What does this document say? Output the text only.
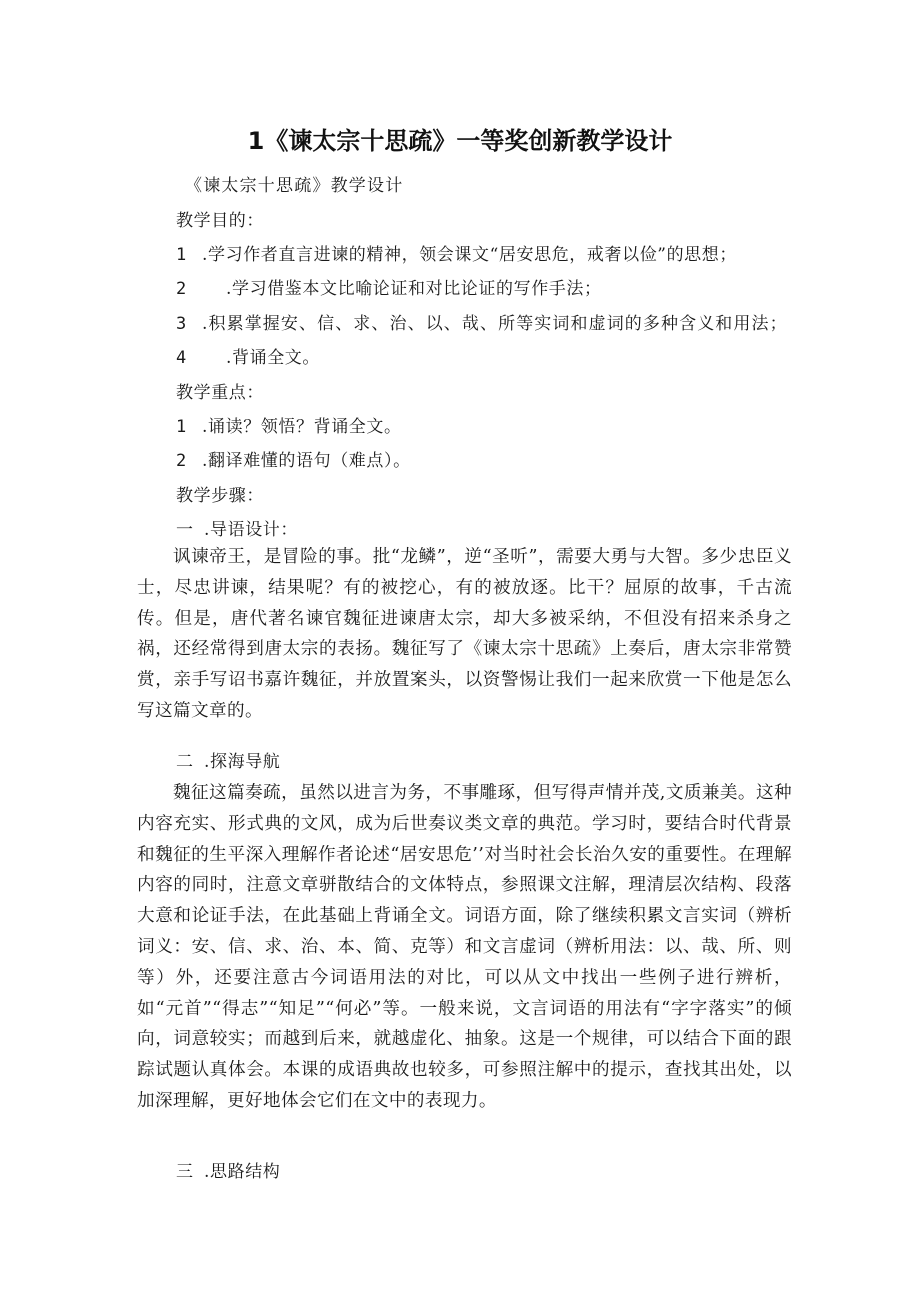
1《谏太宗十思疏》一等奖创新教学设计
《谏太宗十思疏》教学设计
教学目的：
1 .学习作者直言进谏的精神，领会课文“居安思危，戒奢以俭”的思想；
2 .学习借鉴本文比喻论证和对比论证的写作手法；
3 .积累掌握安、信、求、治、以、哉、所等实词和虚词的多种含义和用法；
4 .背诵全文。
教学重点：
1 .诵读？领悟？背诵全文。
2 .翻译难懂的语句（难点）。
教学步骤：
一 .导语设计：
讽谏帝王，是冒险的事。批“龙鳞”，逆“圣听”，需要大勇与大智。多少忠臣义士，尽忠讲谏，结果呢？有的被挖心，有的被放逐。比干？屈原的故事，千古流传。但是，唐代著名谏官魏征进谏唐太宗，却大多被采纳，不但没有招来杀身之祸，还经常得到唐太宗的表扬。魏征写了《谏太宗十思疏》上奏后，唐太宗非常赞赏，亲手写诏书嘉许魏征，并放置案头，以资警惕让我们一起来欣赏一下他是怎么写这篇文章的。
二 .探海导航
魏征这篇奏疏，虽然以进言为务，不事雕琢，但写得声情并茂,文质兼美。这种内容充实、形式典的文风，成为后世奏议类文章的典范。学习时，要结合时代背景和魏征的生平深入理解作者论述“居安思危’’对当时社会长治久安的重要性。在理解内容的同时，注意文章骈散结合的文体特点，参照课文注解，理清层次结构、段落大意和论证手法，在此基础上背诵全文。词语方面，除了继续积累文言实词（辨析词义：安、信、求、治、本、简、克等）和文言虚词（辨析用法：以、哉、所、则等）外，还要注意古今词语用法的对比，可以从文中找出一些例子进行辨析，如“元首”“得志”“知足”“何必”等。一般来说，文言词语的用法有“字字落实”的倾向，词意较实；而越到后来，就越虚化、抽象。这是一个规律，可以结合下面的跟踪试题认真体会。本课的成语典故也较多，可参照注解中的提示，查找其出处，以加深理解，更好地体会它们在文中的表现力。
三 .思路结构
